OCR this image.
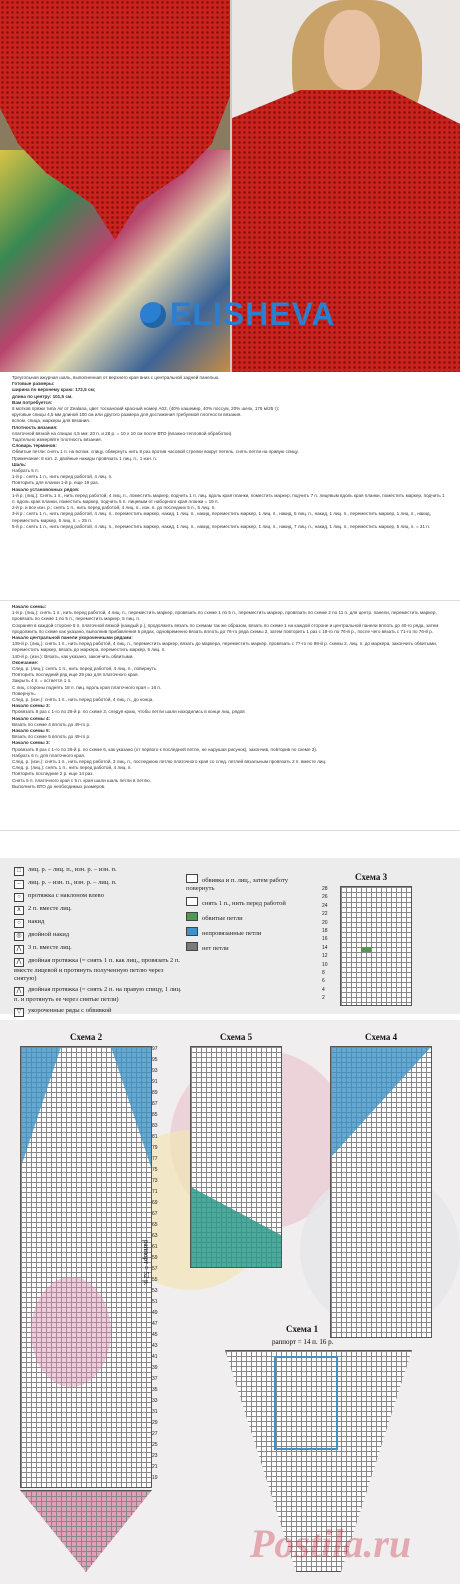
ELISHEVA

Треугольная ажурная шаль, выполненная от верхнего края вниз с центральной задней панелью.

Готовые размеры:

ширина по верхнему краю: 172,5 см;

длина по центру: 101,5 см.

Вам потребуется:

8 мотков пряжи типа Air от Zealana, цвет тосканский красный номер A02, (40% кашемир, 40% поссум, 20% шелк, 176 м/25 г);

круговые спицы 4,5 мм длиной 100 см или другого размера для достижения требуемой плотности вязания.

вспом. спица, маркеры для вязания.

Плотность вязания:

платочной вязкой на спицах 4,5 мм: 20 п. и 28 р. = 10 х 10 см после ВТО (влажно-тепловой обработки).

Тщательно измеряйте плотность вязания.

Словарь терминов:

Обвитые петли: снять 1 п. на вспом. спицу, обвернуть нить 8 раз против часовой стрелки вокруг петель, снять петли на правую спицу.

Примечание: 8 кэп. 2. двойные накиды провязать 1 лиц. п., 1 изн. п.

Шаль:

Набрать 5 п.

1-й р.: снять 1 п., нить перед работой, 4 лиц. п.

Повторить для планки 1-й р. еще 19 раз.

Начало установочных рядов:

1-й р. (лиц.): Снять 1 п., нить перед работой, 4 лиц. п., поместить маркер, подчить 1 п. лиц. вдоль края планки, поместить маркер, подчить 7 п. лицевым вдоль края планки, поместить маркер, подчить 1 п. вдоль края планки, поместить маркер, подчить 5 п. лицевым от наборного края планки = 19 п.

2-й р. и все изн. р.: снять 1 п., нить перед работой, 4 лиц. п., изн. п. до последних 5 п., 5 лиц. п.

3-й р.: снять 1 п., нить перед работой, 4 лиц. п., переместить маркер, накид, 1 лиц. п., накид, переместить маркер, 1 лиц. п., накид, 5 лиц. п., накид, 1 лиц. п., переместить маркер, 1 лиц. п., накид, переместить маркер, 5 лиц. п. = 25 п.

5-й р.: снять 1 п., нить перед работой, 4 лиц. п., переместить маркер, накид, 1 лиц. п., накид, переместить маркер, 1 лиц. п., накид, 7 лиц. п., накид, 1 лиц. п., переместить маркер, 5 лиц. п. = 31 п.

Начало схемы:

1-й р. (лиц.): снять 1 п., нить перед работой, 4 лиц. п., переместить маркер, провязать по схеме 1 по 5 п., переместить маркер, провязать по схеме 2 по 11 п. для центр. панели, переместить маркер, провязать по схеме 1 по 5 п., переместить маркер, 5 лиц. п.

Сохраняя в каждой стороне 5 п. платочной вязкой (каждый р.), продолжить вязать по схемам так же образом, вязать по схеме 1 на каждой стороне и центральной панели вплоть до 40-го ряда, затем продолжить по схеме как указано, выполнив прибавления в рядах, одновременно вязать вплоть до 76-го ряда схемы 2, затем повторить 1 раз с 18-го по 76-й р., после чего вязать с 71-го по 76-й р.

Начало центральной панели укороченными рядами:

139-й р. (лиц.): снять 1 п., нить перед работой, 4 лиц. п., переместить маркер, вязать до маркера, переместить маркер, провязать с 77-го по 89-й р. схемы 2, лиц. п. до маркера, закончить обвитыми, переместить маркер, вязать до маркера, переместить маркер, 5 лиц. п.

140-й р. (изн.): Вязать, как указано, закончить обвитыми.

Окончание:

След. р. (лиц.): снять 1 п., нить перед работой, 4 лиц. п., повернуть.

Повторить последний ряд еще 29 раз для платочного края.

Закрыть 4 п. = остается 1 п.

С лиц. стороны поднять 18 п. лиц. вдоль края платочного края = 16 п.

Повернуть.

След. р. (изн.): снять 1 п., нить перед работой, 4 лиц. п., до конца.

Начало схемы 3:

Провязать 8 раз с 1-го по 28-й р. по схеме 3, следуя краю, чтобы петли шали находились в конце лиц. рядов

Начало схемы 4:

Вязать по схеме 4 вплоть до 49-го р.

Начало схемы 5:

Вязать по схеме 5 вплоть до 49-го р.

Начало схемы 3:

Провязать 8 раз с 1-го по 28-й р. по схеме 6, как указано (от первого к последней петле, не нарушая рисунок), закончив, повторив по схеме 3).

Набрать 6 п. для платочного края.

След. р. (изн.): снять 1 п., нить перед работой, 3 лиц. п., последнюю петлю платочного края со след. петлей вязальным провязать 2 п. вместе лиц.

След. р. (лиц.): снять 1 п., нить перед работой, 4 лиц. п.

Повторить последние 2 р. еще 14 раз.

Снять 5 п. платочного края с 5 п. края шали шаль петли в петлю.

Выполнить ВТО до необходимых размеров.

□ лиц. р. – лиц. п., изн. р. – изн. п.
– лиц. р. – изн. п., изн. р. – лиц. п.
○ протяжка с наклоном влево
∧ 2 п. вместе лиц.
○ накид
◎ двойной накид
⋀ 3 п. вместе лиц.
⋀ двойная протяжка (= снять 1 п. как лиц., провязать 2 п. вместе лицевой и протянуть полученную петлю через снятую)
⋀ двойная протяжка (= снять 2 п. на правую спицу, 1 лиц. п. и протянуть ее через снятые петли)
▽ укороченные ряды с обвивкой
обвивка и п. лиц., затем работу повернуть
снять 1 п., нить перед работой
обвитые петли
непровязанные петли
нет петли
Схема 3
28
26
24
22
20
18
16
14
12
10
8
6
4
2
Схема 2
97
95
93
91
89
87
85
83
81
79
77
75
73
71
69
67
65
63
61
59
57
55
53
51
49
47
45
43
41
39
37
35
33
31
29
27
25
23
21
19
раппорт = 52 р.
Схема 5	Схема 4
Схема 1
раппорт = 14 п. 16 р.
Postila.ru
